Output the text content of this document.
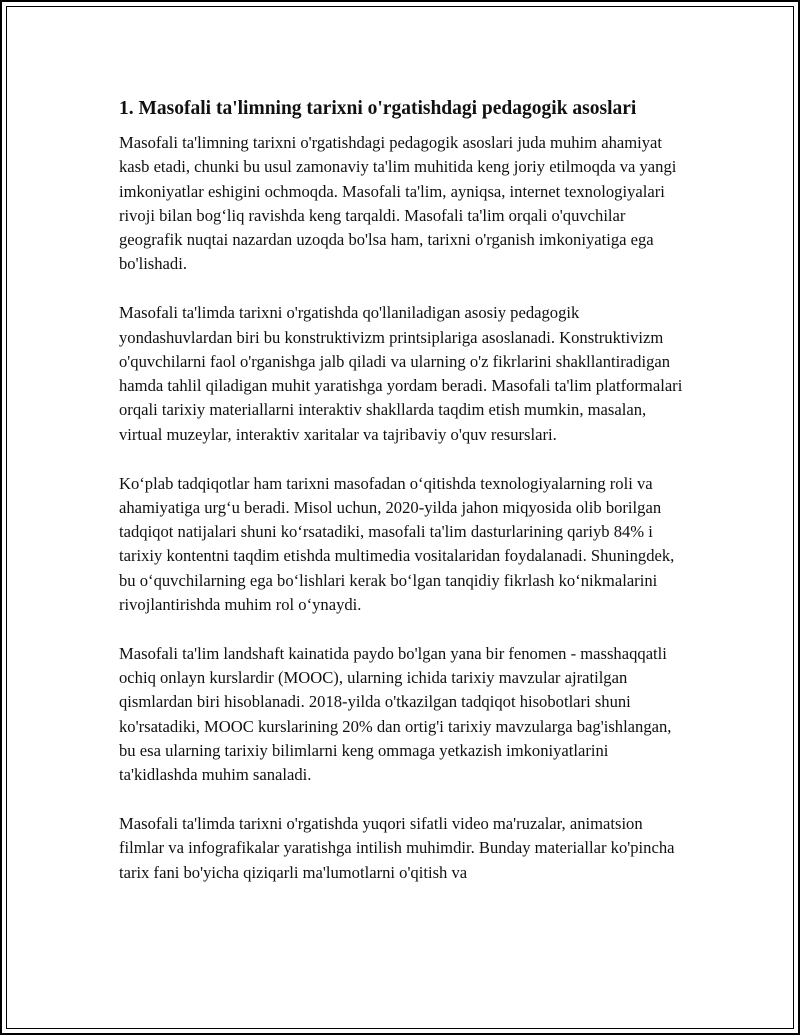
1. Masofali ta'limning tarixni o'rgatishdagi pedagogik asoslari

Masofali ta'limning tarixni o'rgatishdagi pedagogik asoslari juda muhim ahamiyat kasb etadi, chunki bu usul zamonaviy ta'lim muhitida keng joriy etilmoqda va yangi imkoniyatlar eshigini ochmoqda. Masofali ta'lim, ayniqsa, internet texnologiyalari rivoji bilan bog‘liq ravishda keng tarqaldi. Masofali ta'lim orqali o'quvchilar geografik nuqtai nazardan uzoqda bo'lsa ham, tarixni o'rganish imkoniyatiga ega bo'lishadi.

Masofali ta'limda tarixni o'rgatishda qo'llaniladigan asosiy pedagogik yondashuvlardan biri bu konstruktivizm printsiplariga asoslanadi. Konstruktivizm o'quvchilarni faol o'rganishga jalb qiladi va ularning o'z fikrlarini shakllantiradigan hamda tahlil qiladigan muhit yaratishga yordam beradi. Masofali ta'lim platformalari orqali tarixiy materiallarni interaktiv shakllarda taqdim etish mumkin, masalan, virtual muzeylar, interaktiv xaritalar va tajribaviy o'quv resurslari.

Ko‘plab tadqiqotlar ham tarixni masofadan o‘qitishda texnologiyalarning roli va ahamiyatiga urg‘u beradi. Misol uchun, 2020-yilda jahon miqyosida olib borilgan tadqiqot natijalari shuni ko‘rsatadiki, masofali ta'lim dasturlarining qariyb 84% i tarixiy kontentni taqdim etishda multimedia vositalaridan foydalanadi. Shuningdek, bu o‘quvchilarning ega bo‘lishlari kerak bo‘lgan tanqidiy fikrlash ko‘nikmalarini rivojlantirishda muhim rol o‘ynaydi.

Masofali ta'lim landshaft kainatida paydo bo'lgan yana bir fenomen - masshaqqatli ochiq onlayn kurslardir (MOOC), ularning ichida tarixiy mavzular ajratilgan qismlardan biri hisoblanadi. 2018-yilda o'tkazilgan tadqiqot hisobotlari shuni ko'rsatadiki, MOOC kurslarining 20% dan ortig'i tarixiy mavzularga bag'ishlangan, bu esa ularning tarixiy bilimlarni keng ommaga yetkazish imkoniyatlarini ta'kidlashda muhim sanaladi.

Masofali ta'limda tarixni o'rgatishda yuqori sifatli video ma'ruzalar, animatsion filmlar va infografikalar yaratishga intilish muhimdir. Bunday materiallar ko'pincha tarix fani bo'yicha qiziqarli ma'lumotlarni o'qitish va
